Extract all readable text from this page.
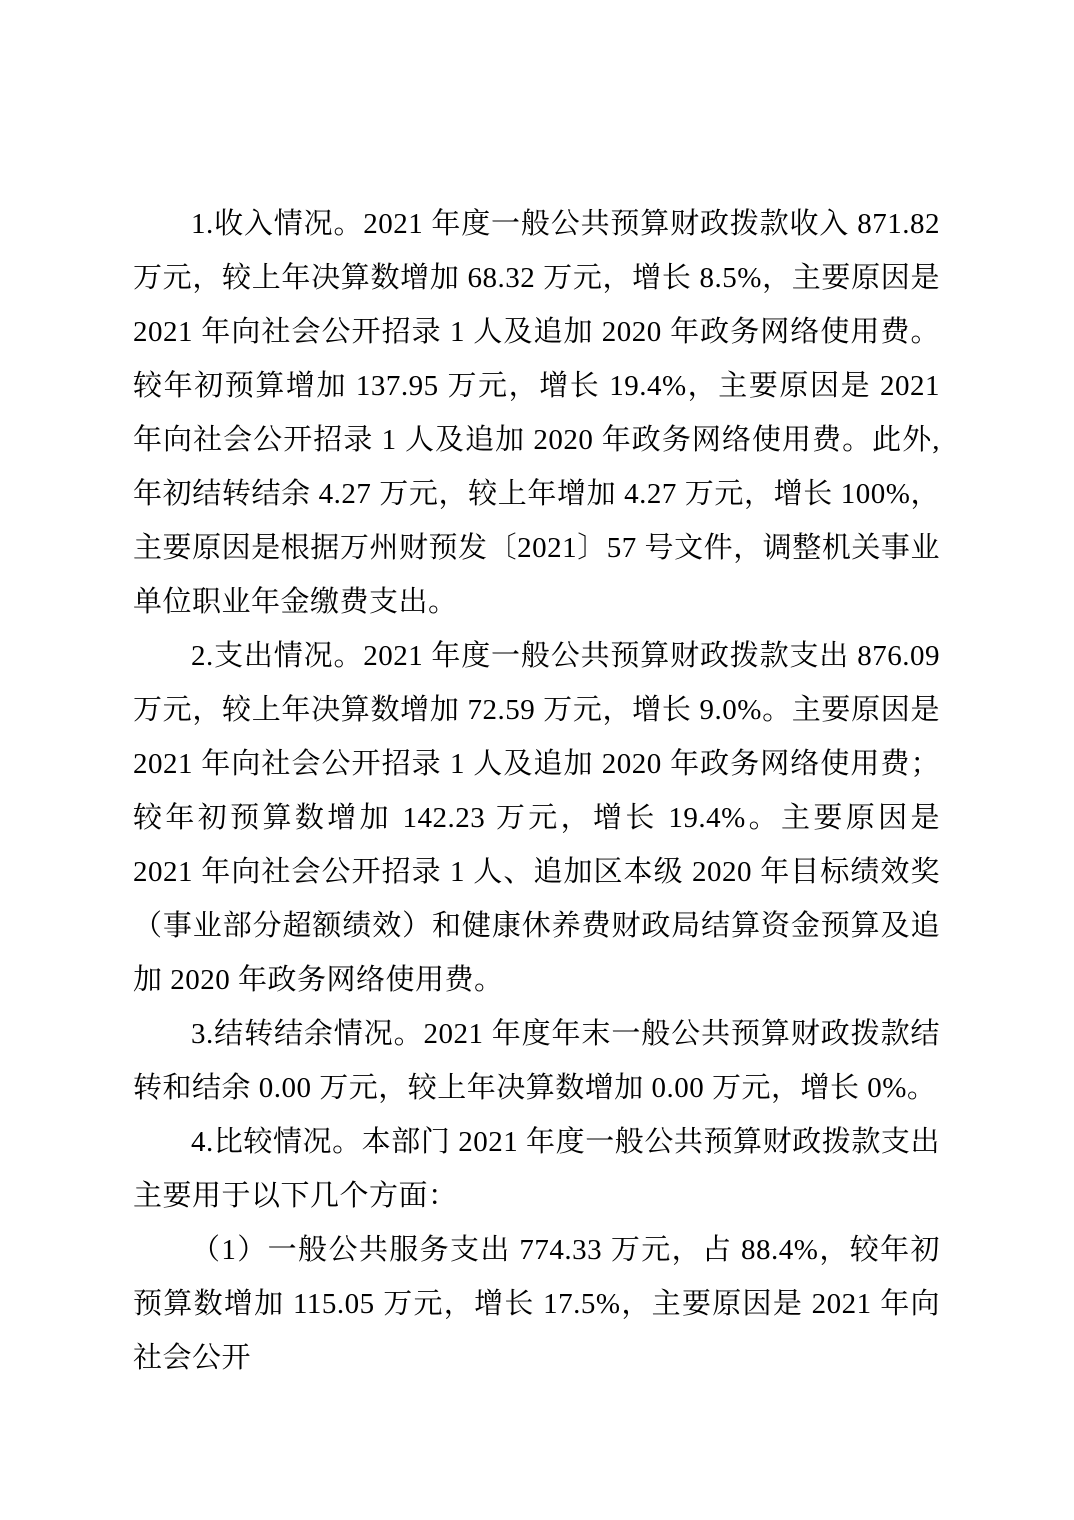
1.收入情况。2021 年度一般公共预算财政拨款收入 871.82 万元，较上年决算数增加 68.32 万元，增长 8.5%，主要原因是 2021 年向社会公开招录 1 人及追加 2020 年政务网络使用费。较年初预算增加 137.95 万元，增长 19.4%，主要原因是 2021 年向社会公开招录 1 人及追加 2020 年政务网络使用费。此外,年初结转结余 4.27 万元，较上年增加 4.27 万元，增长 100%，主要原因是根据万州财预发〔2021〕57 号文件，调整机关事业单位职业年金缴费支出。

2.支出情况。2021 年度一般公共预算财政拨款支出 876.09 万元，较上年决算数增加 72.59 万元，增长 9.0%。主要原因是 2021 年向社会公开招录 1 人及追加 2020 年政务网络使用费；较年初预算数增加 142.23 万元，增长 19.4%。主要原因是 2021 年向社会公开招录 1 人、追加区本级 2020 年目标绩效奖（事业部分超额绩效）和健康休养费财政局结算资金预算及追加 2020 年政务网络使用费。

3.结转结余情况。2021 年度年末一般公共预算财政拨款结转和结余 0.00 万元，较上年决算数增加 0.00 万元，增长 0%。

4.比较情况。本部门 2021 年度一般公共预算财政拨款支出主要用于以下几个方面：

（1）一般公共服务支出 774.33 万元，占 88.4%，较年初预算数增加 115.05 万元，增长 17.5%，主要原因是 2021 年向社会公开
